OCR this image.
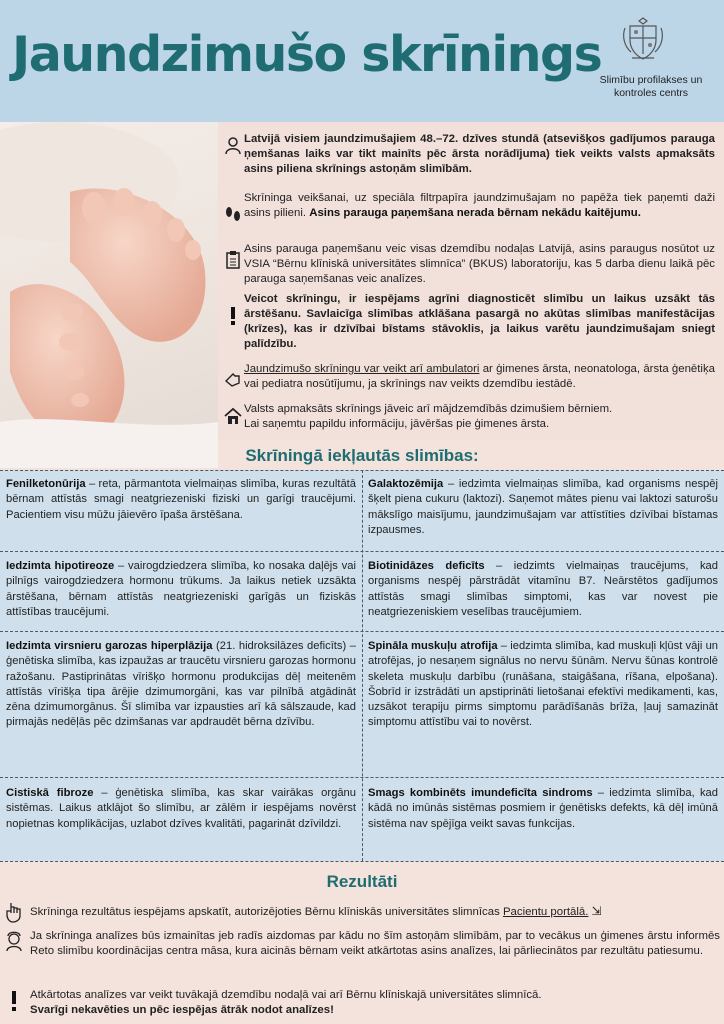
Jaundzimušo skrīnings
Slimību profilakses un
kontroles centrs
Latvijā visiem jaundzimušajiem 48.–72. dzīves stundā (atsevišķos gadījumos parauga ņemšanas laiks var tikt mainīts pēc ārsta norādījuma) tiek veikts valsts apmaksāts asins piliena skrīnings astoņām slimībām.
Skrīninga veikšanai, uz speciāla filtrpapīra jaundzimušajam no papēža tiek paņemti daži asins pilieni. Asins parauga paņemšana nerada bērnam nekādu kaitējumu.
Asins parauga paņemšanu veic visas dzemdību nodaļas Latvijā, asins paraugus nosūtot uz VSIA “Bērnu klīniskā universitātes slimnīca” (BKUS) laboratoriju, kas 5 darba dienu laikā pēc parauga saņemšanas veic analīzes.
Veicot skrīningu, ir iespējams agrīni diagnosticēt slimību un laikus uzsākt tās ārstēšanu. Savlaicīga slimības atklāšana pasargā no akūtas slimības manifestācijas (krīzes), kas ir dzīvībai bīstams stāvoklis, ja laikus varētu jaundzimušajam sniegt palīdzību.
Jaundzimušo skrīningu var veikt arī ambulatori ar ģimenes ārsta, neonatologa, ārsta ģenētiķa vai pediatra nosūtījumu, ja skrīnings nav veikts dzemdību iestādē.
Valsts apmaksāts skrīnings jāveic arī mājdzemdībās dzimušiem bērniem.
Lai saņemtu papildu informāciju, jāvēršas pie ģimenes ārsta.
Skrīningā iekļautās slimības:
Fenilketonūrija – reta, pārmantota vielmaiņas slimība, kuras rezultātā bērnam attīstās smagi neatgriezeniski fiziski un garīgi traucējumi. Pacientiem visu mūžu jāievēro īpaša ārstēšana.
Galaktozēmija – iedzimta vielmaiņas slimība, kad organisms nespēj šķelt piena cukuru (laktozi). Saņemot mātes pienu vai laktozi saturošu mākslīgo maisījumu, jaundzimušajam var attīstīties dzīvībai bīstamas izpausmes.
Iedzimta hipotireoze – vairogdziedzera slimība, ko nosaka daļējs vai pilnīgs vairogdziedzera hormonu trūkums. Ja laikus netiek uzsākta ārstēšana, bērnam attīstās neatgriezeniski garīgās un fiziskās attīstības traucējumi.
Biotinidāzes deficīts – iedzimts vielmaiņas traucējums, kad organisms nespēj pārstrādāt vitamīnu B7. Neārstētos gadījumos attīstās smagi slimības simptomi, kas var novest pie neatgriezeniskiem veselības traucējumiem.
Iedzimta virsnieru garozas hiperplāzija (21. hidroksilāzes deficīts) – ģenētiska slimība, kas izpaužas ar traucētu virsnieru garozas hormonu ražošanu. Pastiprinātas vīrišķo hormonu produkcijas dēļ meitenēm attīstās vīrišķa tipa ārējie dzimumorgāni, kas var pilnībā atgādināt zēna dzimumorgānus. Šī slimība var izpausties arī kā sālszaude, kad pirmajās nedēļās pēc dzimšanas var apdraudēt bērna dzīvību.
Spināla muskuļu atrofija – iedzimta slimība, kad muskuļi kļūst vāji un atrofējas, jo nesaņem signālus no nervu šūnām. Nervu šūnas kontrolē skeleta muskuļu darbību (runāšana, staigāšana, rīšana, elpošana). Šobrīd ir izstrādāti un apstiprināti lietošanai efektīvi medikamenti, kas, uzsākot terapiju pirms simptomu parādīšanās brīža, ļauj samazināt simptomu attīstību vai to novērst.
Cistiskā fibroze – ģenētiska slimība, kas skar vairākas orgānu sistēmas. Laikus atklājot šo slimību, ar zālēm ir iespējams novērst nopietnas komplikācijas, uzlabot dzīves kvalitāti, pagarināt dzīvildzi.
Smags kombinēts imundeficīta sindroms – iedzimta slimība, kad kādā no imūnās sistēmas posmiem ir ģenētisks defekts, kā dēļ imūnā sistēma nav spējīga veikt savas funkcijas.
Rezultāti
Skrīninga rezultātus iespējams apskatīt, autorizējoties Bērnu klīniskās universitātes slimnīcas Pacientu portālā. ⇲
Ja skrīninga analīzes būs izmainītas jeb radīs aizdomas par kādu no šīm astoņām slimībām, par to vecākus un ģimenes ārstu informēs Reto slimību koordinācijas centra māsa, kura aicinās bērnam veikt atkārtotas asins analīzes, lai pārliecinātos par rezultātu patiesumu.
Atkārtotas analīzes var veikt tuvākajā dzemdību nodaļā vai arī Bērnu klīniskajā universitātes slimnīcā.
Svarīgi nekavēties un pēc iespējas ātrāk nodot analīzes!
